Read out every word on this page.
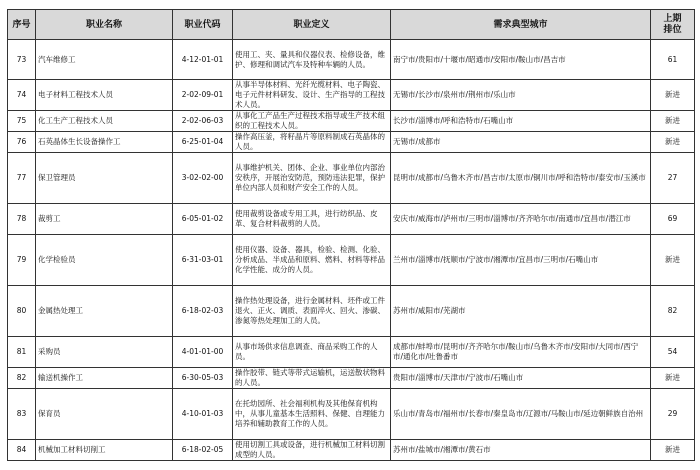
序号	职业名称	职业代码	职业定义	需求典型城市	上期排位
73	汽车维修工	4-12-01-01	使用工、夹、量具和仪器仪表、检修设备，维护、修理和调试汽车及特种车辆的人员。	南宁市/贵阳市/十堰市/昭通市/安阳市/鞍山市/昌吉市	61
74	电子材料工程技术人员	2-02-09-01	从事半导体材料、光纤光缆材料、电子陶瓷、电子元件材料研发、设计、生产指导的工程技术人员。	无锡市/长沙市/泉州市/荆州市/乐山市	新进
75	化工生产工程技术人员	2-02-06-03	从事化工产品生产过程技术指导或生产技术组织的工程技术人员。	长沙市/淄博市/呼和浩特市/石嘴山市	新进
76	石英晶体生长设备操作工	6-25-01-04	操作高压釜，将籽晶片等原料制成石英晶体的人员。	无锡市/成都市	新进
77	保卫管理员	3-02-02-00	从事维护机关、团体、企业、事业单位内部治安秩序，开展治安防范，预防违法犯罪，保护单位内部人员和财产安全工作的人员。	昆明市/成都市/乌鲁木齐市/昌吉市/太原市/铜川市/呼和浩特市/泰安市/玉溪市	27
78	裁剪工	6-05-01-02	使用裁剪设备或专用工具，进行纺织品、皮革、复合材料裁剪的人员。	安庆市/威海市/泸州市/三明市/淄博市/齐齐哈尔市/南通市/宜昌市/潜江市	69
79	化学检验员	6-31-03-01	使用仪器、设备、器具，检验、检测、化验、分析成品、半成品和原料、燃料、材料等样品化学性能、成分的人员。	兰州市/淄博市/抚顺市/宁波市/湘潭市/宜昌市/三明市/石嘴山市	新进
80	金属热处理工	6-18-02-03	操作热处理设备，进行金属材料、坯件或工件退火、正火、调质、表面淬火、回火、渗碳、渗氮等热处理加工的人员。	苏州市/咸阳市/芜湖市	82
81	采购员	4-01-01-00	从事市场供求信息调查、商品采购工作的人员。	成都市/蚌埠市/昆明市/齐齐哈尔市/鞍山市/乌鲁木齐市/安阳市/大同市/西宁市/通化市/吐鲁番市	54
82	输送机操作工	6-30-05-03	操作胶带、链式等带式运输机，运送散状物料的人员。	贵阳市/淄博市/天津市/宁波市/石嘴山市	新进
83	保育员	4-10-01-03	在托幼园所、社会福利机构及其他保育机构中，从事儿童基本生活照料、保健、自理能力培养和辅助教育工作的人员。	乐山市/青岛市/福州市/长春市/秦皇岛市/辽源市/马鞍山市/延边朝鲜族自治州	29
84	机械加工材料切削工	6-18-02-05	使用切割工具或设备，进行机械加工材料切割成型的人员。	苏州市/盐城市/湘潭市/黄石市	新进
